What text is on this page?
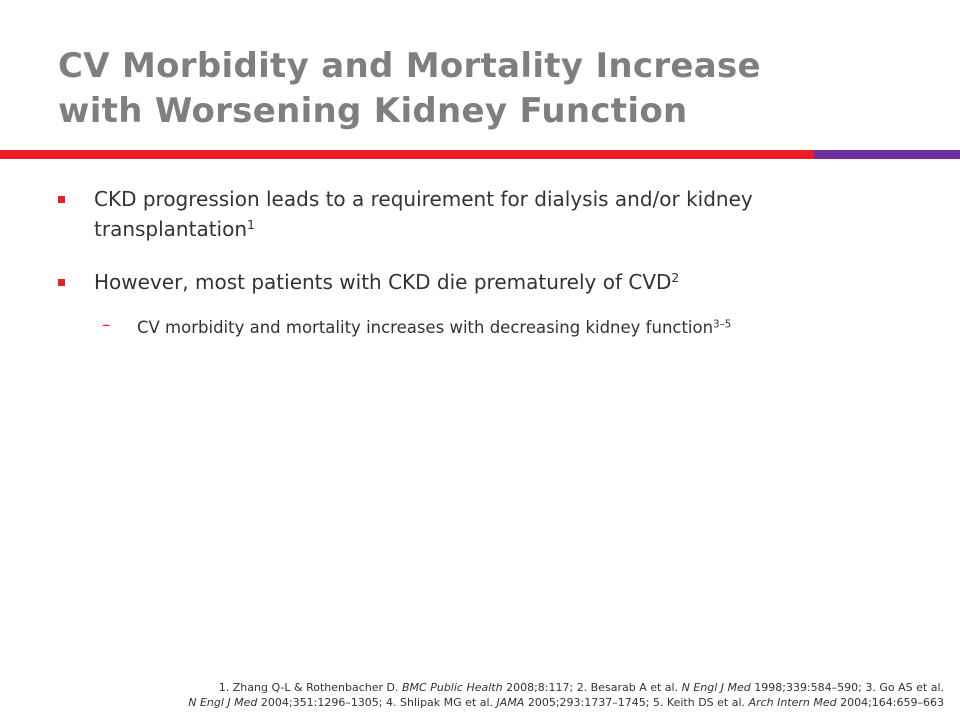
CV Morbidity and Mortality Increase
with Worsening Kidney Function
CKD progression leads to a requirement for dialysis and/or kidney
transplantation$^1$
However, most patients with CKD die prematurely of CVD$^2$
– CV morbidity and mortality increases with decreasing kidney function$^{3-5}$
1. Zhang Q-L & Rothenbacher D. BMC Public Health 2008;8:117; 2. Besarab A et al. N Engl J Med 1998;339:584–590; 3. Go AS et al.
N Engl J Med 2004;351:1296–1305; 4. Shlipak MG et al. JAMA 2005;293:1737–1745; 5. Keith DS et al. Arch Intern Med 2004;164:659–663
